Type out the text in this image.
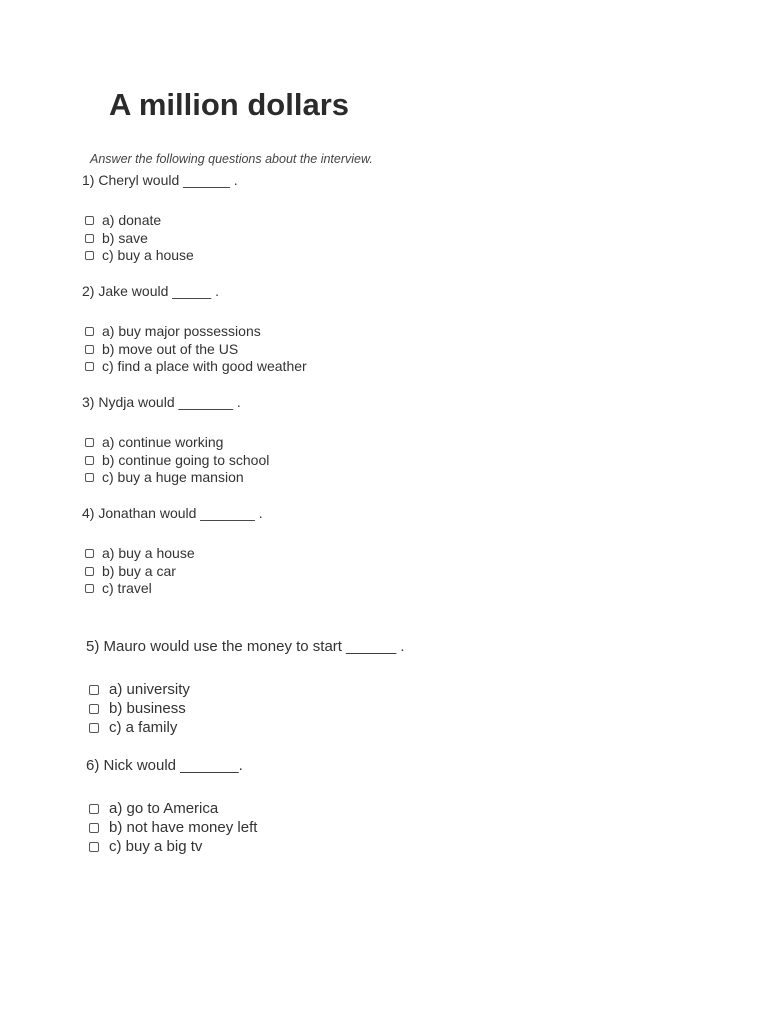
A million dollars
Answer the following questions about the interview.
1) Cheryl would ______ .
a) donate
b) save
c) buy a house
2) Jake would _____ .
a) buy major possessions
b) move out of the US
c) find a place with good weather
3) Nydja would _______ .
a) continue working
b) continue going to school
c) buy a huge mansion
4) Jonathan would _______ .
a) buy a house
b) buy a car
c) travel
5) Mauro would use the money to start ______ .
a) university
b) business
c) a family
6) Nick would _______.
a) go to America
b) not have money left
c) buy a big tv
